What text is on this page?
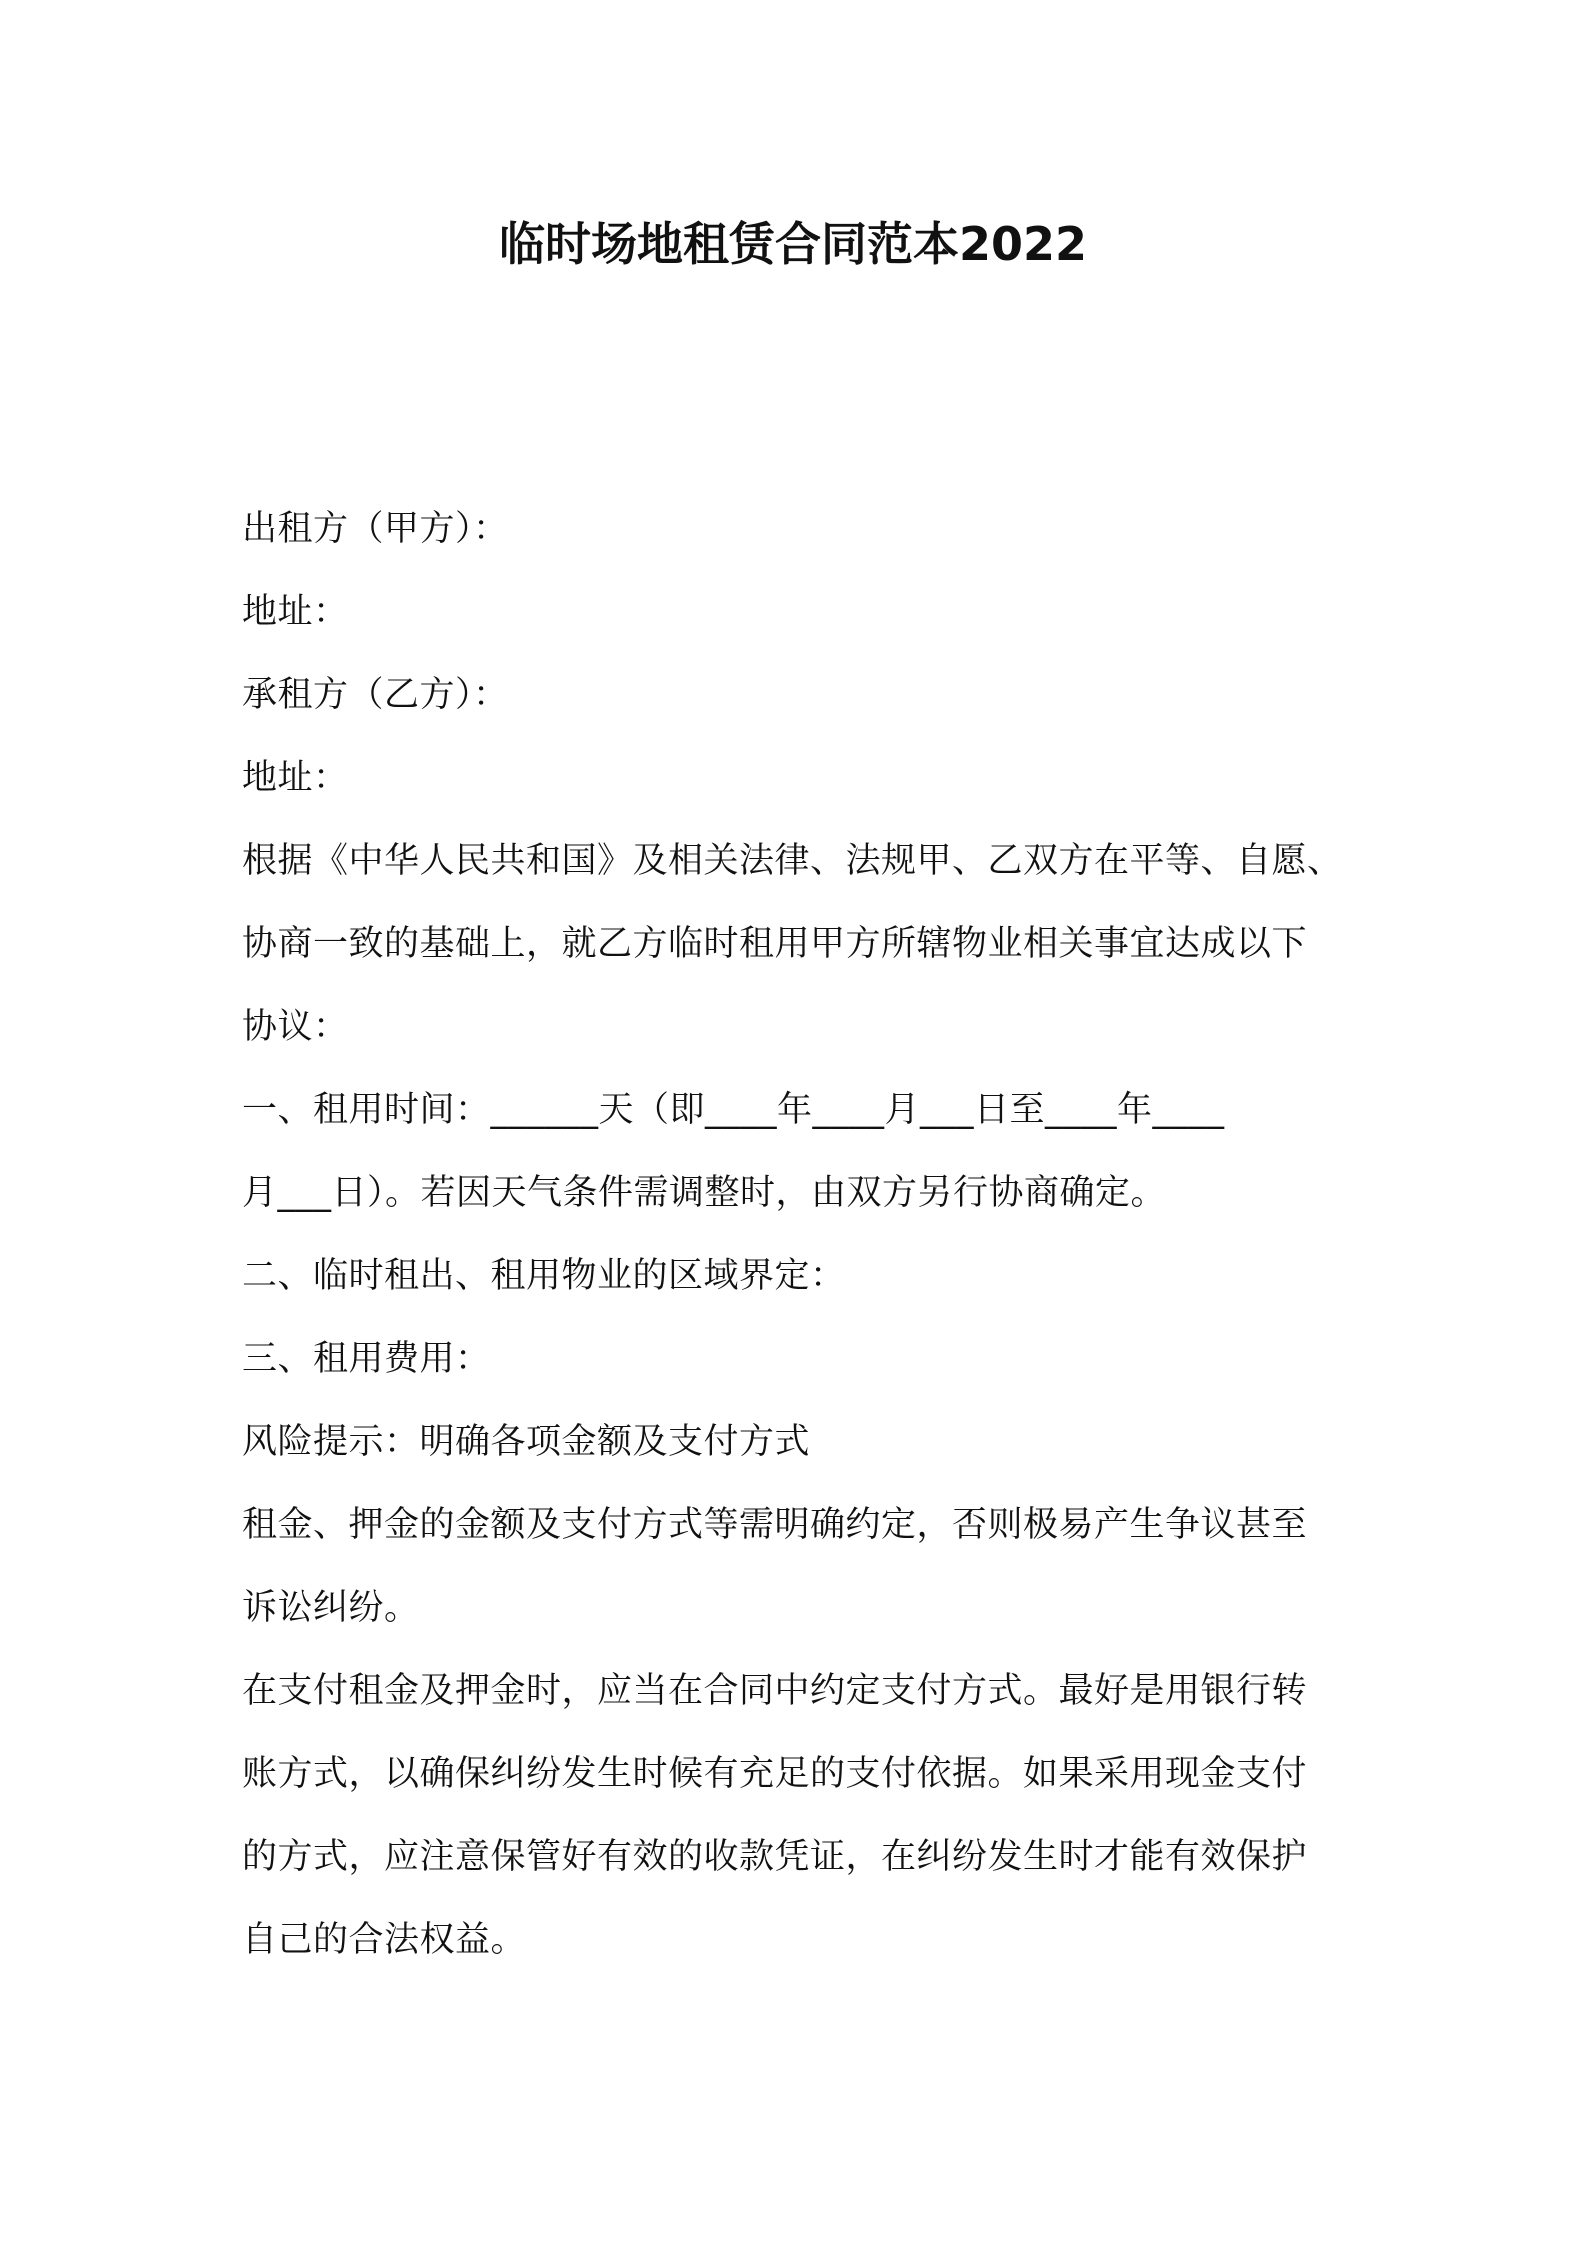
临时场地租赁合同范本2022
出租方（甲方）：
地址：
承租方（乙方）：
地址：
根据《中华人民共和国》及相关法律、法规甲、乙双方在平等、自愿、
协商一致的基础上，就乙方临时租用甲方所辖物业相关事宜达成以下
协议：
一、租用时间：______天（即____年____月___日至____年____
月___日）。若因天气条件需调整时，由双方另行协商确定。
二、临时租出、租用物业的区域界定：
三、租用费用：
风险提示：明确各项金额及支付方式
租金、押金的金额及支付方式等需明确约定，否则极易产生争议甚至
诉讼纠纷。
在支付租金及押金时，应当在合同中约定支付方式。最好是用银行转
账方式，以确保纠纷发生时候有充足的支付依据。如果采用现金支付
的方式，应注意保管好有效的收款凭证，在纠纷发生时才能有效保护
自己的合法权益。
